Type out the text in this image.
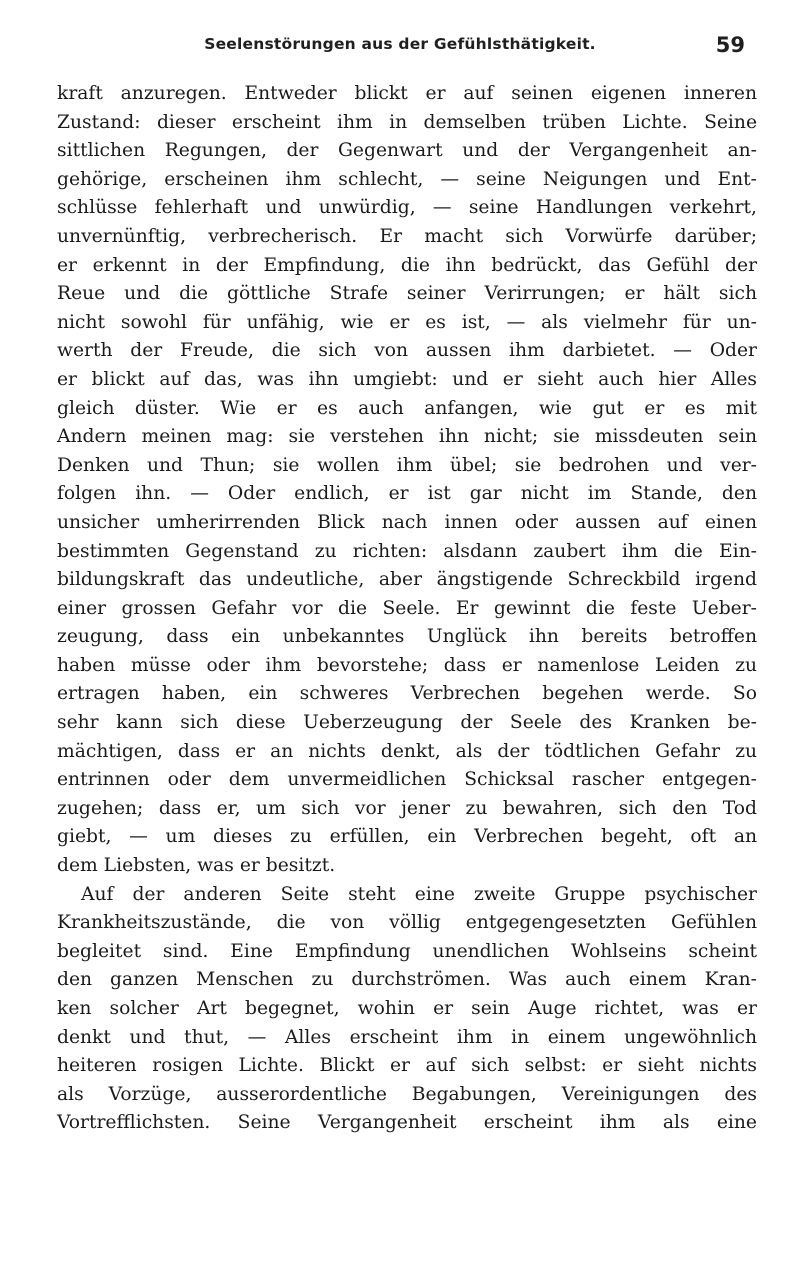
Seelenstörungen aus der Gefühlsthätigkeit.	59
kraft anzuregen. Entweder blickt er auf seinen eigenen inneren
Zustand: dieser erscheint ihm in demselben trüben Lichte. Seine
sittlichen Regungen, der Gegenwart und der Vergangenheit an-
gehörige, erscheinen ihm schlecht, — seine Neigungen und Ent-
schlüsse fehlerhaft und unwürdig, — seine Handlungen verkehrt,
unvernünftig, verbrecherisch. Er macht sich Vorwürfe darüber;
er erkennt in der Empfindung, die ihn bedrückt, das Gefühl der
Reue und die göttliche Strafe seiner Verirrungen; er hält sich
nicht sowohl für unfähig, wie er es ist, — als vielmehr für un-
werth der Freude, die sich von aussen ihm darbietet. — Oder
er blickt auf das, was ihn umgiebt: und er sieht auch hier Alles
gleich düster. Wie er es auch anfangen, wie gut er es mit
Andern meinen mag: sie verstehen ihn nicht; sie missdeuten sein
Denken und Thun; sie wollen ihm übel; sie bedrohen und ver-
folgen ihn. — Oder endlich, er ist gar nicht im Stande, den
unsicher umherirrenden Blick nach innen oder aussen auf einen
bestimmten Gegenstand zu richten: alsdann zaubert ihm die Ein-
bildungskraft das undeutliche, aber ängstigende Schreckbild irgend
einer grossen Gefahr vor die Seele. Er gewinnt die feste Ueber-
zeugung, dass ein unbekanntes Unglück ihn bereits betroffen
haben müsse oder ihm bevorstehe; dass er namenlose Leiden zu
ertragen haben, ein schweres Verbrechen begehen werde. So
sehr kann sich diese Ueberzeugung der Seele des Kranken be-
mächtigen, dass er an nichts denkt, als der tödtlichen Gefahr zu
entrinnen oder dem unvermeidlichen Schicksal rascher entgegen-
zugehen; dass er, um sich vor jener zu bewahren, sich den Tod
giebt, — um dieses zu erfüllen, ein Verbrechen begeht, oft an
dem Liebsten, was er besitzt.
Auf der anderen Seite steht eine zweite Gruppe psychischer
Krankheitszustände, die von völlig entgegengesetzten Gefühlen
begleitet sind. Eine Empfindung unendlichen Wohlseins scheint
den ganzen Menschen zu durchströmen. Was auch einem Kran-
ken solcher Art begegnet, wohin er sein Auge richtet, was er
denkt und thut, — Alles erscheint ihm in einem ungewöhnlich
heiteren rosigen Lichte. Blickt er auf sich selbst: er sieht nichts
als Vorzüge, ausserordentliche Begabungen, Vereinigungen des
Vortrefflichsten. Seine Vergangenheit erscheint ihm als eine
